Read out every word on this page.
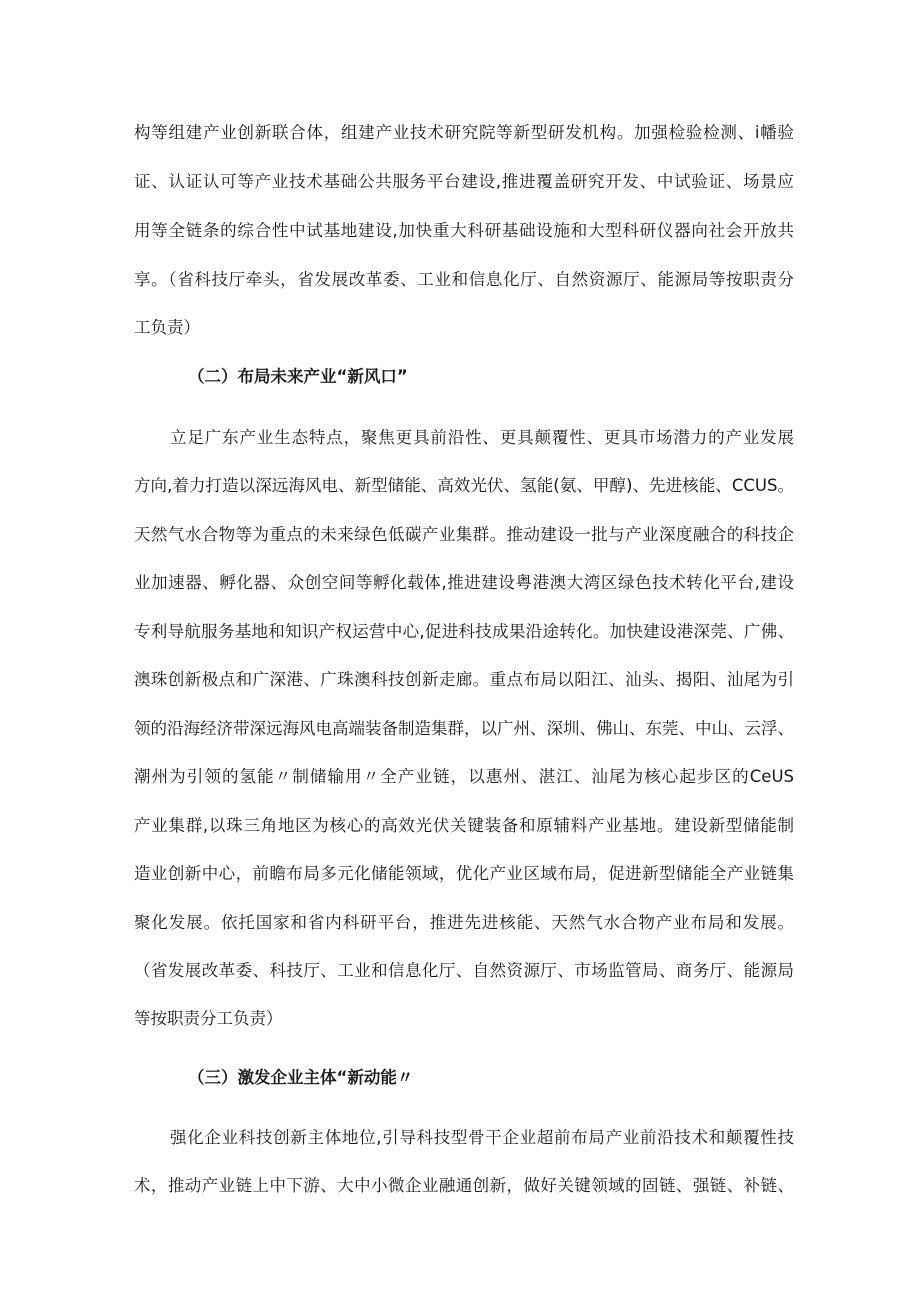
构等组建产业创新联合体，组建产业技术研究院等新型研发机构。加强检验检测、i幡验
证、认证认可等产业技术基础公共服务平台建设,推进覆盖研究开发、中试验证、场景应
用等全链条的综合性中试基地建设,加快重大科研基础设施和大型科研仪器向社会开放共
享。（省科技厅牵头，省发展改革委、工业和信息化厅、自然资源厅、能源局等按职责分
工负责）
（二）布局未来产业“新风口”
立足广东产业生态特点，聚焦更具前沿性、更具颠覆性、更具市场潜力的产业发展
方向,着力打造以深远海风电、新型储能、高效光伏、氢能(氨、甲醇)、先进核能、CCUS。
天然气水合物等为重点的未来绿色低碳产业集群。推动建设一批与产业深度融合的科技企
业加速器、孵化器、众创空间等孵化载体,推进建设粤港澳大湾区绿色技术转化平台,建设
专利导航服务基地和知识产权运营中心,促进科技成果沿途转化。加快建设港深莞、广佛、
澳珠创新极点和广深港、广珠澳科技创新走廊。重点布局以阳江、汕头、揭阳、汕尾为引
领的沿海经济带深远海风电高端装备制造集群，以广州、深圳、佛山、东莞、中山、云浮、
潮州为引领的氢能〃制储输用〃全产业链，以惠州、湛江、汕尾为核心起步区的CeUS
产业集群,以珠三角地区为核心的高效光伏关键装备和原辅料产业基地。建设新型储能制
造业创新中心，前瞻布局多元化储能领域，优化产业区域布局，促进新型储能全产业链集
聚化发展。依托国家和省内科研平台，推进先进核能、天然气水合物产业布局和发展。
（省发展改革委、科技厅、工业和信息化厅、自然资源厅、市场监管局、商务厅、能源局
等按职责分工负责）
（三）激发企业主体“新动能〃
强化企业科技创新主体地位,引导科技型骨干企业超前布局产业前沿技术和颠覆性技
术，推动产业链上中下游、大中小微企业融通创新，做好关键领域的固链、强链、补链、
